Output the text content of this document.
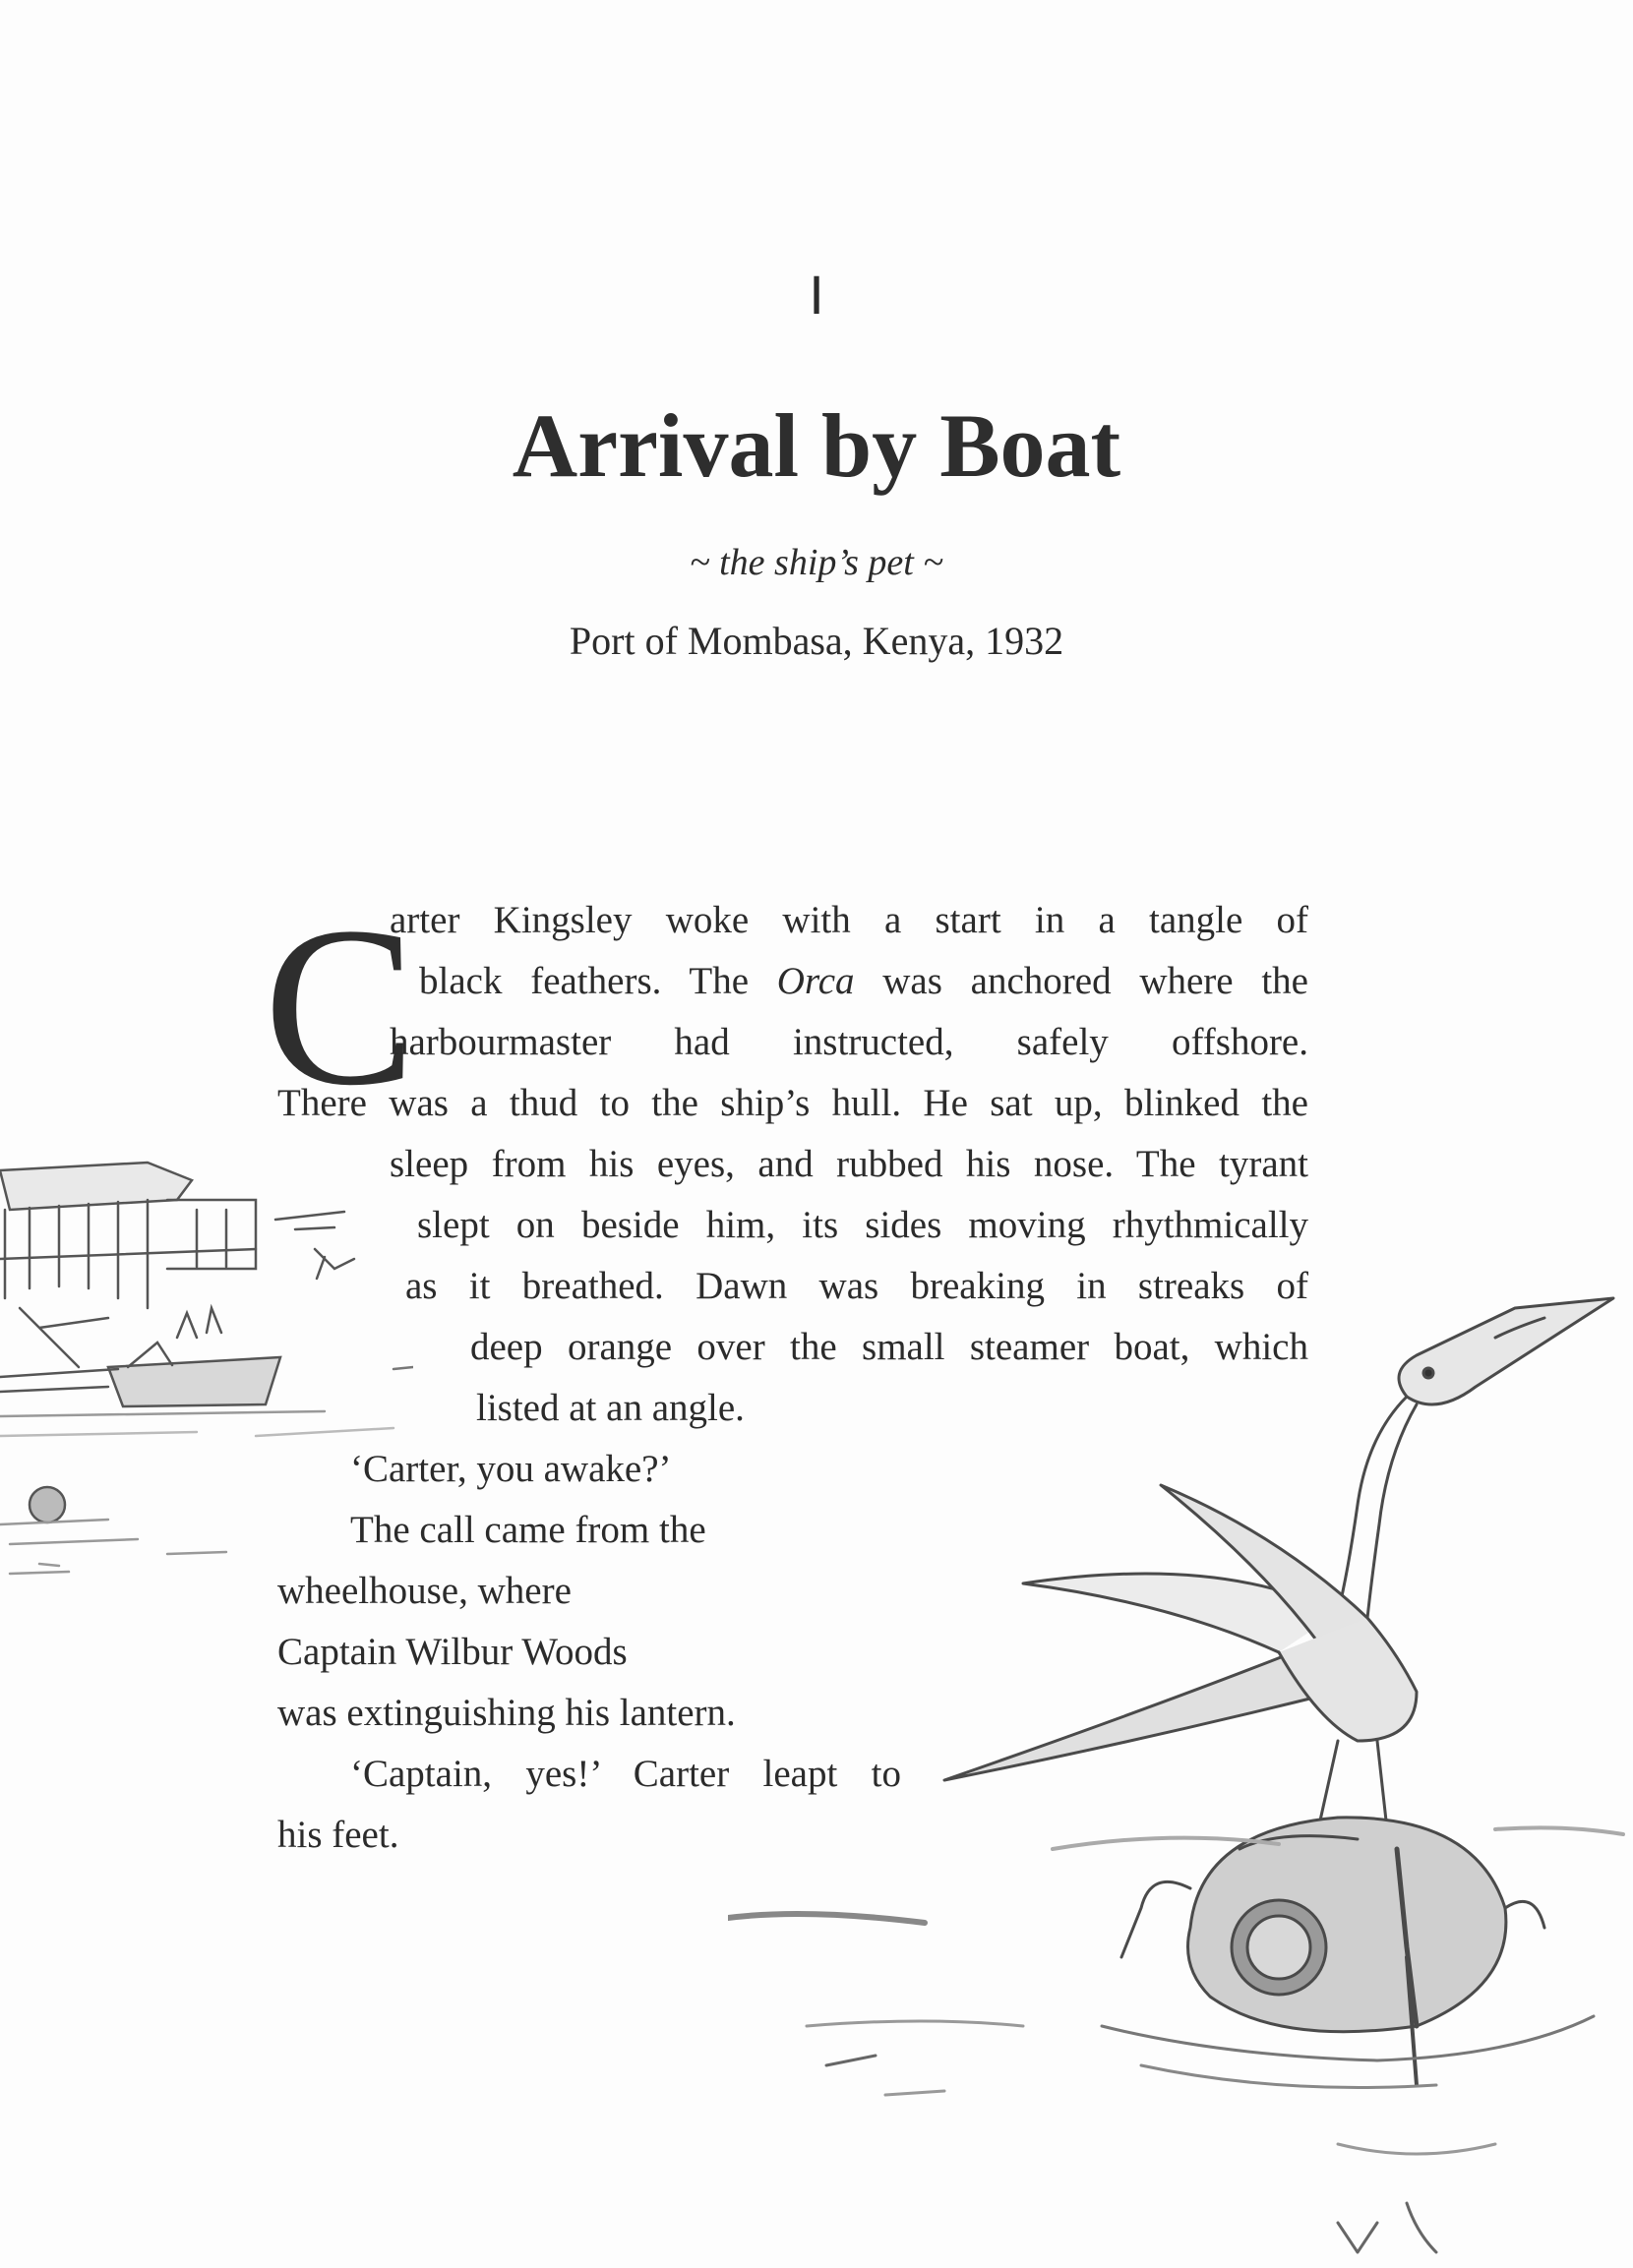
I
Arrival by Boat
~ the ship’s pet ~
Port of Mombasa, Kenya, 1932
C

arter Kingsley woke with a start in a tangle of

black feathers. The Orca was anchored where the

harbourmaster had instructed, safely offshore.

There was a thud to the ship’s hull. He sat up, blinked the

sleep from his eyes, and rubbed his nose. The tyrant

slept on beside him, its sides moving rhythmically

as it breathed. Dawn was breaking in streaks of

deep orange over the small steamer boat, which

listed at an angle.

‘Carter, you awake?’

The call came from the

wheelhouse, where

Captain Wilbur Woods

was extinguishing his lantern.

‘Captain, yes!’ Carter leapt to

his feet.
